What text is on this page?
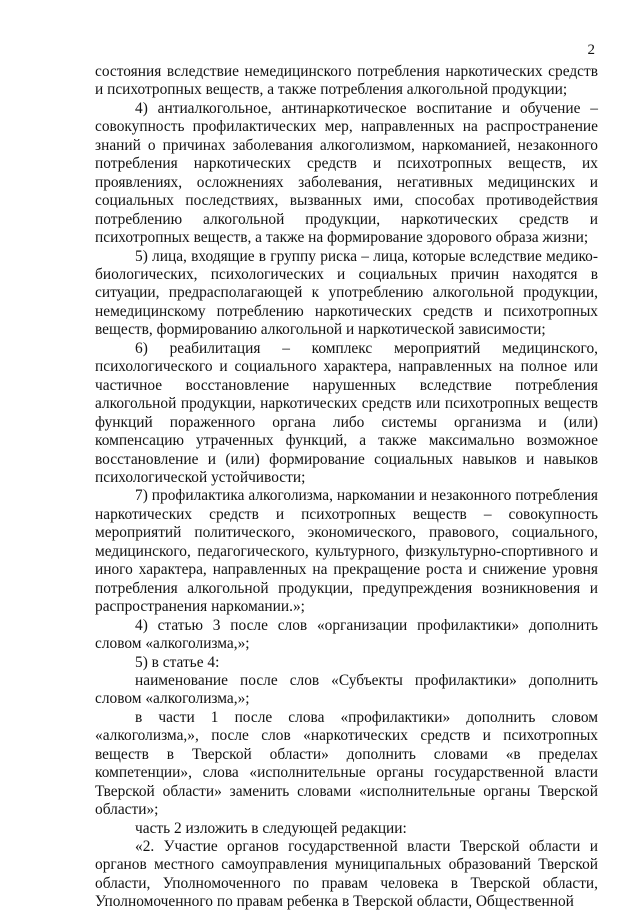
2

состояния вследствие немедицинского потребления наркотических средств и психотропных веществ, а также потребления алкогольной продукции;

4) антиалкогольное, антинаркотическое воспитание и обучение – совокупность профилактических мер, направленных на распространение знаний о причинах заболевания алкоголизмом, наркоманией, незаконного потребления наркотических средств и психотропных веществ, их проявлениях, осложнениях заболевания, негативных медицинских и социальных последствиях, вызванных ими, способах противодействия потреблению алкогольной продукции, наркотических средств и психотропных веществ, а также на формирование здорового образа жизни;

5) лица, входящие в группу риска – лица, которые вследствие медико-биологических, психологических и социальных причин находятся в ситуации, предрасполагающей к употреблению алкогольной продукции, немедицинскому потреблению наркотических средств и психотропных веществ, формированию алкогольной и наркотической зависимости;

6) реабилитация – комплекс мероприятий медицинского, психологического и социального характера, направленных на полное или частичное восстановление нарушенных вследствие потребления алкогольной продукции, наркотических средств или психотропных веществ функций пораженного органа либо системы организма и (или) компенсацию утраченных функций, а также максимально возможное восстановление и (или) формирование социальных навыков и навыков психологической устойчивости;

7) профилактика алкоголизма, наркомании и незаконного потребления наркотических средств и психотропных веществ – совокупность мероприятий политического, экономического, правового, социального, медицинского, педагогического, культурного, физкультурно-спортивного и иного характера, направленных на прекращение роста и снижение уровня потребления алкогольной продукции, предупреждения возникновения и распространения наркомании.»;

4) статью 3 после слов «организации профилактики» дополнить словом «алкоголизма,»;

5) в статье 4:

наименование после слов «Субъекты профилактики» дополнить словом «алкоголизма,»;

в части 1 после слова «профилактики» дополнить словом «алкоголизма,», после слов «наркотических средств и психотропных веществ в Тверской области» дополнить словами «в пределах компетенции», слова «исполнительные органы государственной власти Тверской области» заменить словами «исполнительные органы Тверской области»;

часть 2 изложить в следующей редакции:

«2. Участие органов государственной власти Тверской области и органов местного самоуправления муниципальных образований Тверской области, Уполномоченного по правам человека в Тверской области, Уполномоченного по правам ребенка в Тверской области, Общественной
